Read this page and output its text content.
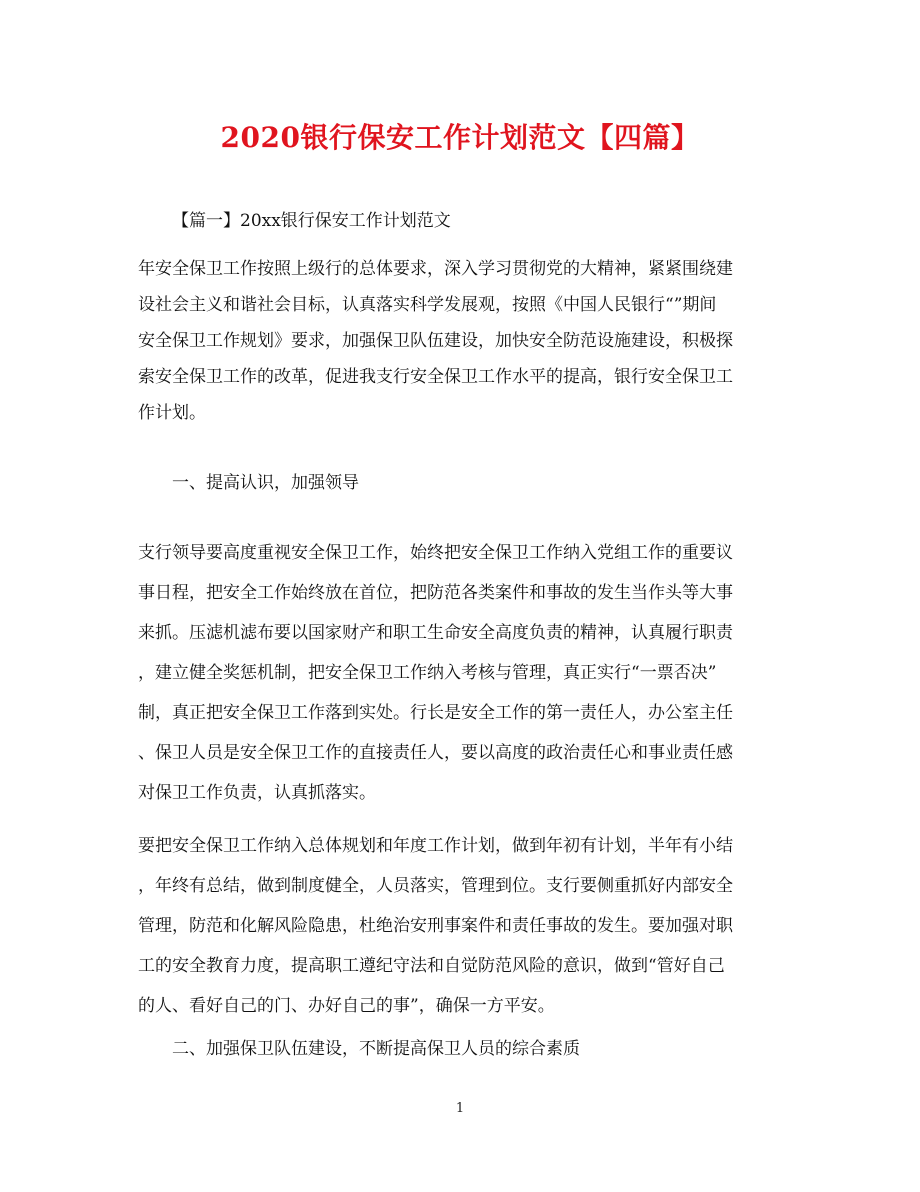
2020银行保安工作计划范文【四篇】
【篇一】20xx银行保安工作计划范文
年安全保卫工作按照上级行的总体要求，深入学习贯彻党的大精神，紧紧围绕建
设社会主义和谐社会目标，认真落实科学发展观，按照《中国人民银行“”期间
安全保卫工作规划》要求，加强保卫队伍建设，加快安全防范设施建设，积极探
索安全保卫工作的改革，促进我支行安全保卫工作水平的提高，银行安全保卫工
作计划。
一、提高认识，加强领导
支行领导要高度重视安全保卫工作，始终把安全保卫工作纳入党组工作的重要议
事日程，把安全工作始终放在首位，把防范各类案件和事故的发生当作头等大事
来抓。压滤机滤布要以国家财产和职工生命安全高度负责的精神，认真履行职责
，建立健全奖惩机制，把安全保卫工作纳入考核与管理，真正实行“一票否决”
制，真正把安全保卫工作落到实处。行长是安全工作的第一责任人，办公室主任
、保卫人员是安全保卫工作的直接责任人，要以高度的政治责任心和事业责任感
对保卫工作负责，认真抓落实。
要把安全保卫工作纳入总体规划和年度工作计划，做到年初有计划，半年有小结
，年终有总结，做到制度健全，人员落实，管理到位。支行要侧重抓好内部安全
管理，防范和化解风险隐患，杜绝治安刑事案件和责任事故的发生。要加强对职
工的安全教育力度，提高职工遵纪守法和自觉防范风险的意识，做到“管好自己
的人、看好自己的门、办好自己的事”，确保一方平安。
二、加强保卫队伍建设，不断提高保卫人员的综合素质
1
